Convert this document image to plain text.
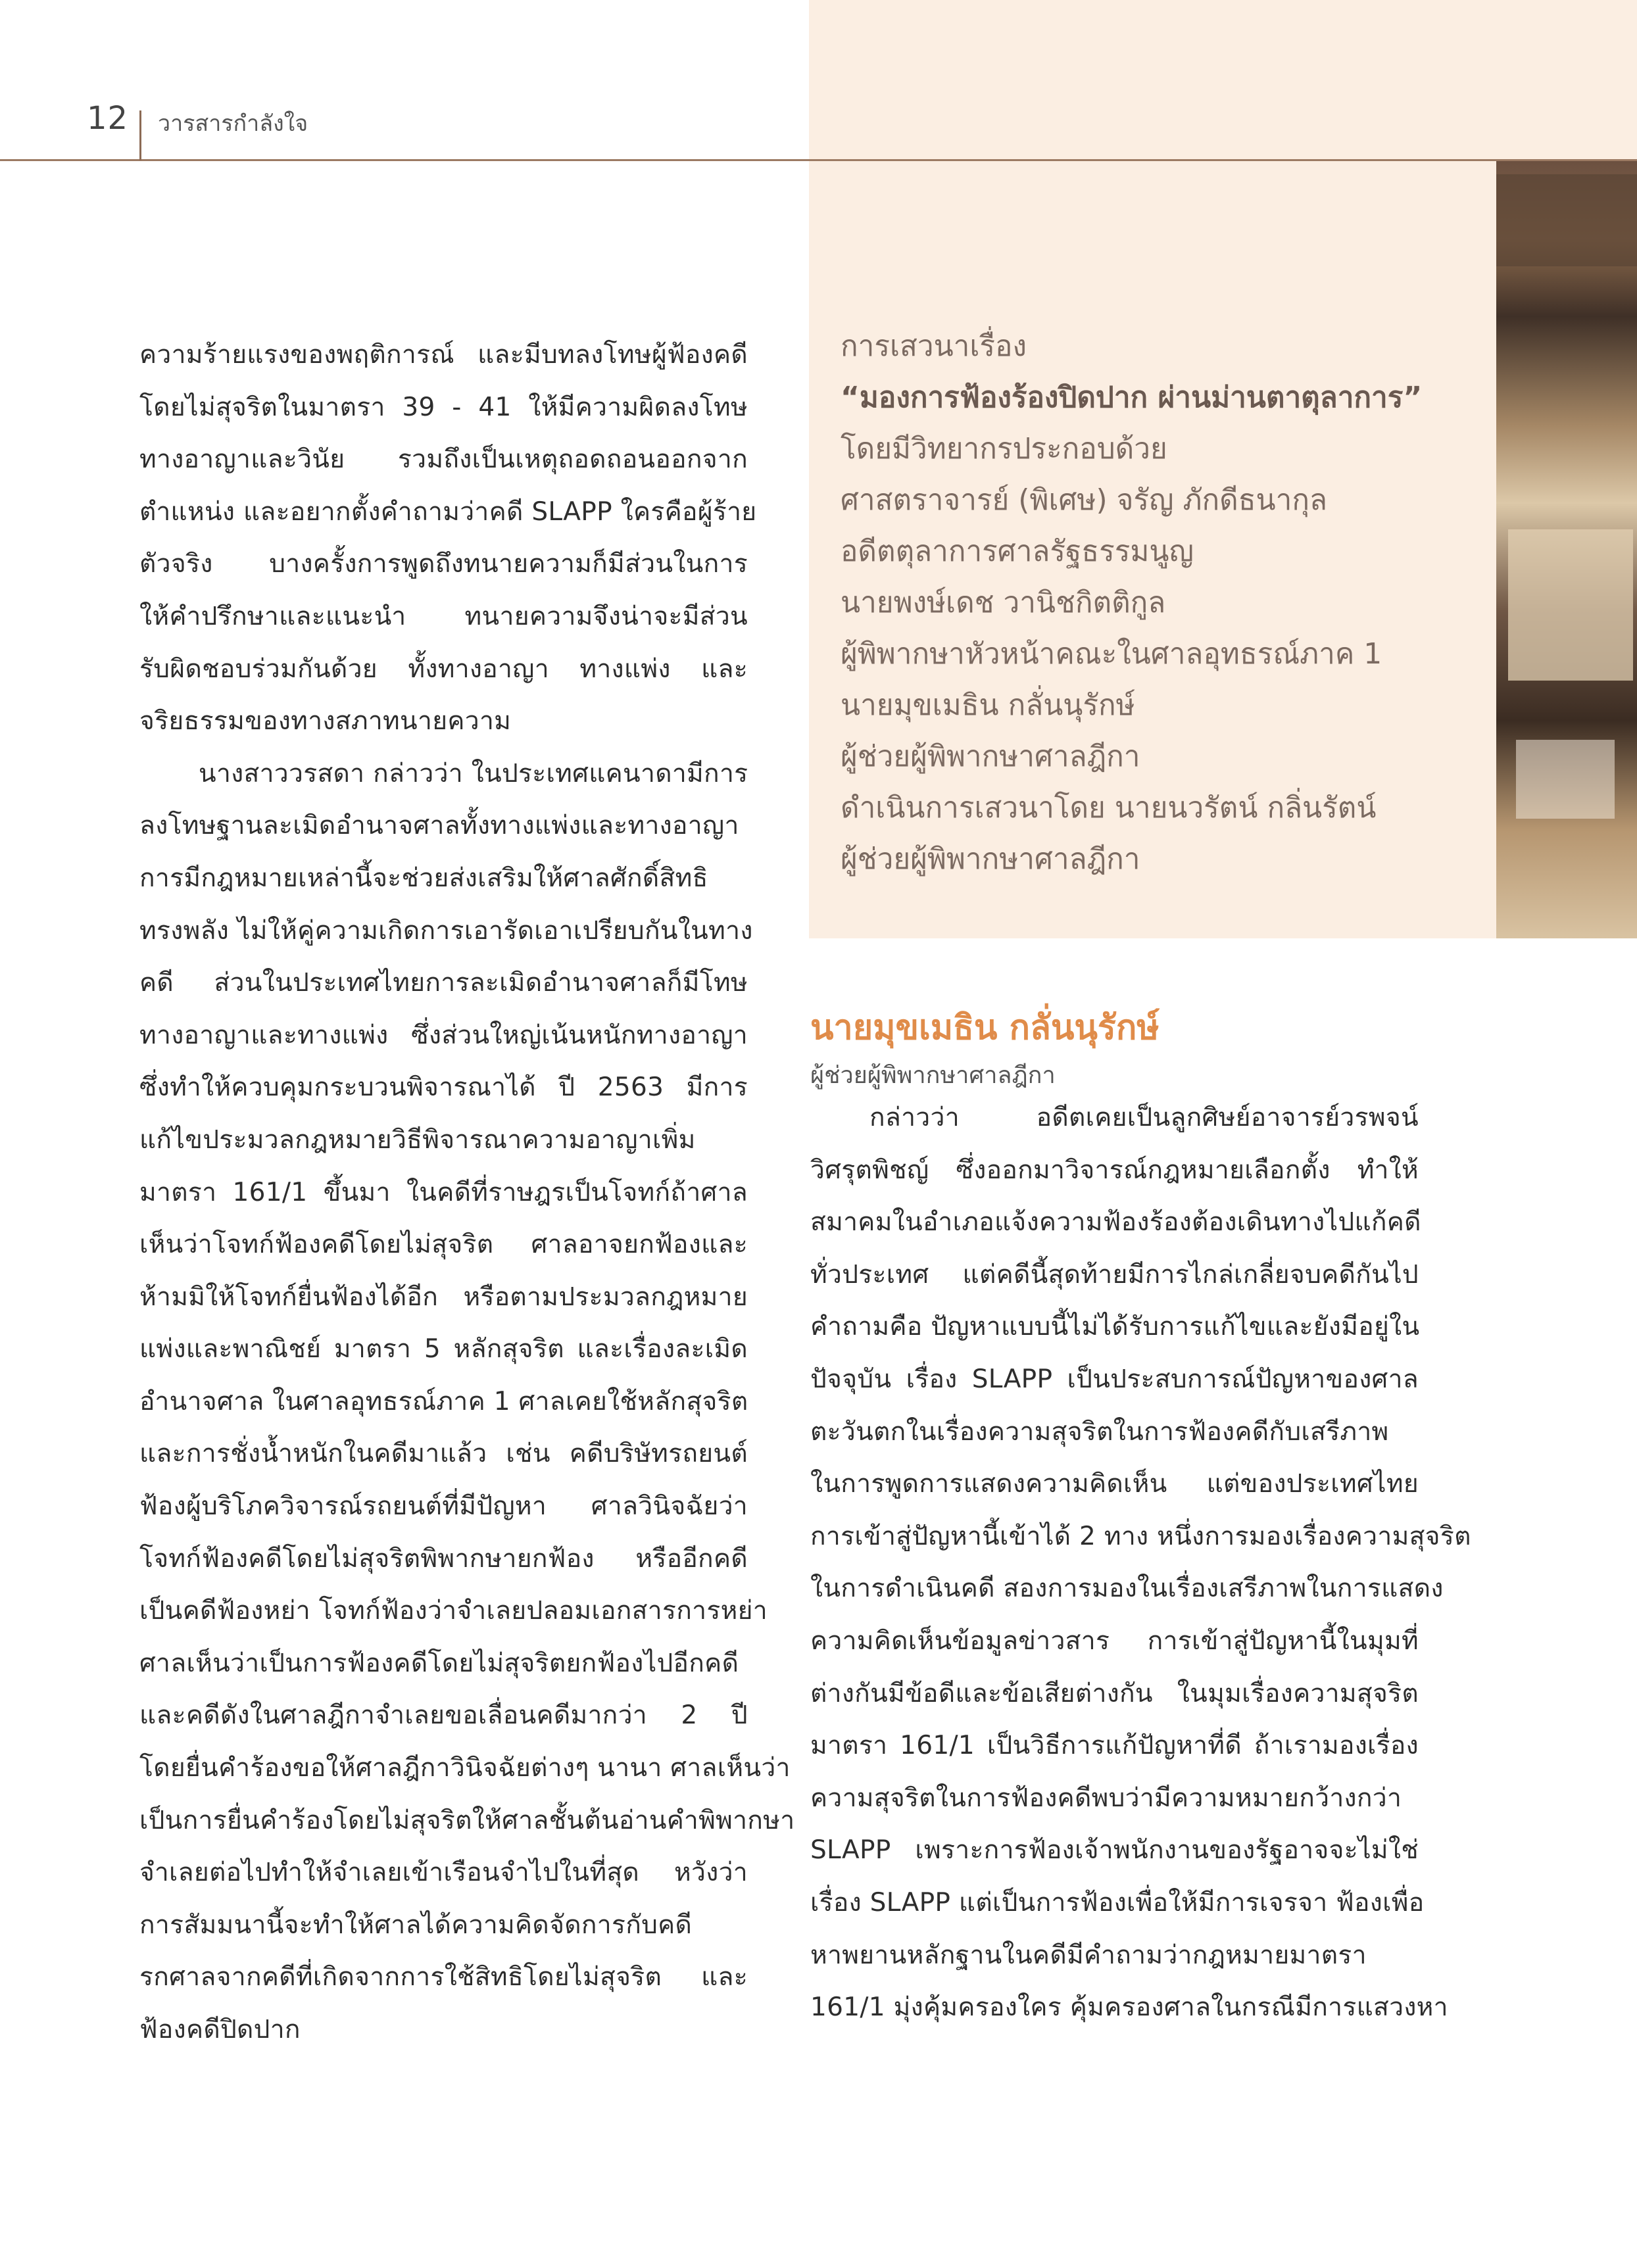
12 วารสารกำลังใจ
การเสวนาเรื่อง
“มองการฟ้องร้องปิดปาก ผ่านม่านตาตุลาการ”
โดยมีวิทยากรประกอบด้วย
ศาสตราจารย์ (พิเศษ) จรัญ ภักดีธนากุล
อดีตตุลาการศาลรัฐธรรมนูญ
นายพงษ์เดช วานิชกิตติกูล
ผู้พิพากษาหัวหน้าคณะในศาลอุทธรณ์ภาค 1
นายมุขเมธิน กลั่นนุรักษ์
ผู้ช่วยผู้พิพากษาศาลฎีกา
ดำเนินการเสวนาโดย นายนวรัตน์ กลิ่นรัตน์
ผู้ช่วยผู้พิพากษาศาลฎีกา
ความร้ายแรงของพฤติการณ์ และมีบทลงโทษผู้ฟ้องคดี
โดยไม่สุจริตในมาตรา 39 - 41 ให้มีความผิดลงโทษ
ทางอาญาและวินัย รวมถึงเป็นเหตุถอดถอนออกจาก
ตำแหน่ง และอยากตั้งคำถามว่าคดี SLAPP ใครคือผู้ร้าย
ตัวจริง บางครั้งการพูดถึงทนายความก็มีส่วนในการ
ให้คำปรึกษาและแนะนำ ทนายความจึงน่าจะมีส่วน
รับผิดชอบร่วมกันด้วย ทั้งทางอาญา ทางแพ่ง และ
จริยธรรมของทางสภาทนายความ
นางสาววรสดา กล่าวว่า ในประเทศแคนาดามีการ
ลงโทษฐานละเมิดอำนาจศาลทั้งทางแพ่งและทางอาญา
การมีกฎหมายเหล่านี้จะช่วยส่งเสริมให้ศาลศักดิ์สิทธิ
ทรงพลัง ไม่ให้คู่ความเกิดการเอารัดเอาเปรียบกันในทาง
คดี ส่วนในประเทศไทยการละเมิดอำนาจศาลก็มีโทษ
ทางอาญาและทางแพ่ง ซึ่งส่วนใหญ่เน้นหนักทางอาญา
ซึ่งทำให้ควบคุมกระบวนพิจารณาได้ ปี 2563 มีการ
แก้ไขประมวลกฎหมายวิธีพิจารณาความอาญาเพิ่ม
มาตรา 161/1 ขึ้นมา ในคดีที่ราษฎรเป็นโจทก์ถ้าศาล
เห็นว่าโจทก์ฟ้องคดีโดยไม่สุจริต ศาลอาจยกฟ้องและ
ห้ามมิให้โจทก์ยื่นฟ้องได้อีก หรือตามประมวลกฎหมาย
แพ่งและพาณิชย์ มาตรา 5 หลักสุจริต และเรื่องละเมิด
อำนาจศาล ในศาลอุทธรณ์ภาค 1 ศาลเคยใช้หลักสุจริต
และการชั่งน้ำหนักในคดีมาแล้ว เช่น คดีบริษัทรถยนต์
ฟ้องผู้บริโภควิจารณ์รถยนต์ที่มีปัญหา ศาลวินิจฉัยว่า
โจทก์ฟ้องคดีโดยไม่สุจริตพิพากษายกฟ้อง หรืออีกคดี
เป็นคดีฟ้องหย่า โจทก์ฟ้องว่าจำเลยปลอมเอกสารการหย่า
ศาลเห็นว่าเป็นการฟ้องคดีโดยไม่สุจริตยกฟ้องไปอีกคดี
และคดีดังในศาลฎีกาจำเลยขอเลื่อนคดีมากว่า 2 ปี
โดยยื่นคำร้องขอให้ศาลฎีกาวินิจฉัยต่างๆ นานา ศาลเห็นว่า
เป็นการยื่นคำร้องโดยไม่สุจริตให้ศาลชั้นต้นอ่านคำพิพากษา
จำเลยต่อไปทำให้จำเลยเข้าเรือนจำไปในที่สุด หวังว่า
การสัมมนานี้จะทำให้ศาลได้ความคิดจัดการกับคดี
รกศาลจากคดีที่เกิดจากการใช้สิทธิโดยไม่สุจริต และ
ฟ้องคดีปิดปาก
นายมุขเมธิน กลั่นนุรักษ์
ผู้ช่วยผู้พิพากษาศาลฎีกา
กล่าวว่า อดีตเคยเป็นลูกศิษย์อาจารย์วรพจน์
วิศรุตพิชญ์ ซึ่งออกมาวิจารณ์กฎหมายเลือกตั้ง ทำให้
สมาคมในอำเภอแจ้งความฟ้องร้องต้องเดินทางไปแก้คดี
ทั่วประเทศ แต่คดีนี้สุดท้ายมีการไกล่เกลี่ยจบคดีกันไป
คำถามคือ ปัญหาแบบนี้ไม่ได้รับการแก้ไขและยังมีอยู่ใน
ปัจจุบัน เรื่อง SLAPP เป็นประสบการณ์ปัญหาของศาล
ตะวันตกในเรื่องความสุจริตในการฟ้องคดีกับเสรีภาพ
ในการพูดการแสดงความคิดเห็น แต่ของประเทศไทย
การเข้าสู่ปัญหานี้เข้าได้ 2 ทาง หนึ่งการมองเรื่องความสุจริต
ในการดำเนินคดี สองการมองในเรื่องเสรีภาพในการแสดง
ความคิดเห็นข้อมูลข่าวสาร การเข้าสู่ปัญหานี้ในมุมที่
ต่างกันมีข้อดีและข้อเสียต่างกัน ในมุมเรื่องความสุจริต
มาตรา 161/1 เป็นวิธีการแก้ปัญหาที่ดี ถ้าเรามองเรื่อง
ความสุจริตในการฟ้องคดีพบว่ามีความหมายกว้างกว่า
SLAPP เพราะการฟ้องเจ้าพนักงานของรัฐอาจจะไม่ใช่
เรื่อง SLAPP แต่เป็นการฟ้องเพื่อให้มีการเจรจา ฟ้องเพื่อ
หาพยานหลักฐานในคดีมีคำถามว่ากฎหมายมาตรา
161/1 มุ่งคุ้มครองใคร คุ้มครองศาลในกรณีมีการแสวงหา
